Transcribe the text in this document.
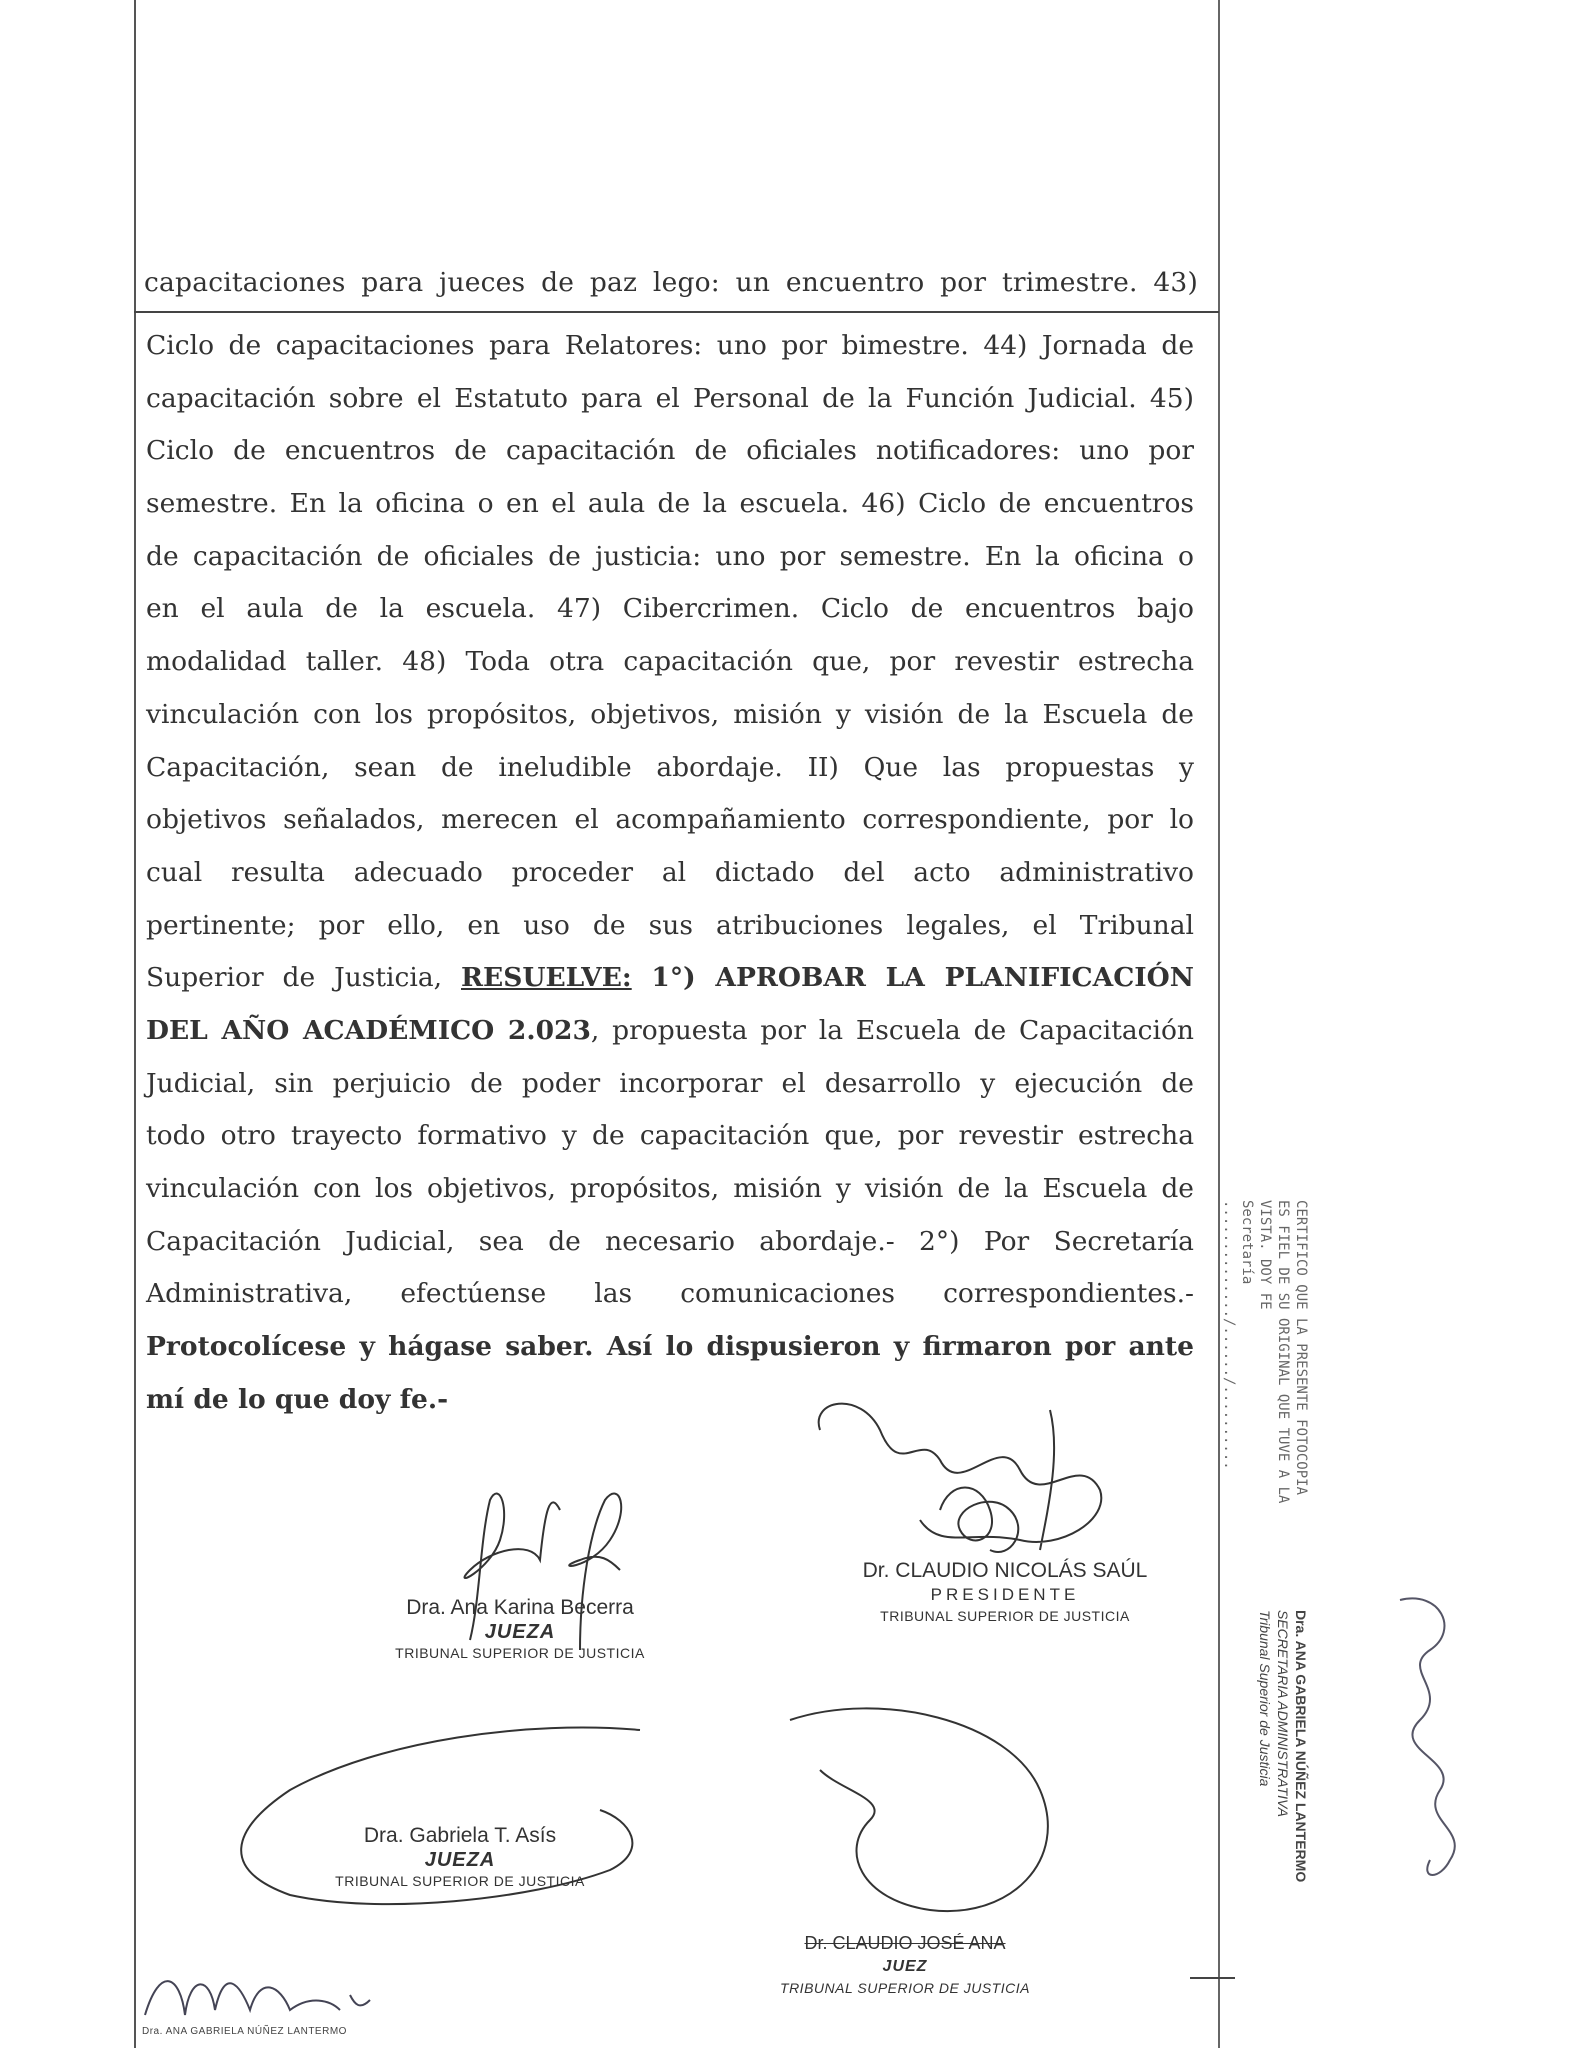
capacitaciones para jueces de paz lego: un encuentro por trimestre. 43)
Ciclo de capacitaciones para Relatores: uno por bimestre. 44) Jornada de
capacitación sobre el Estatuto para el Personal de la Función Judicial. 45)
Ciclo de encuentros de capacitación de oficiales notificadores: uno por
semestre. En la oficina o en el aula de la escuela. 46) Ciclo de encuentros
de capacitación de oficiales de justicia: uno por semestre. En la oficina o
en el aula de la escuela. 47) Cibercrimen. Ciclo de encuentros bajo
modalidad taller. 48) Toda otra capacitación que, por revestir estrecha
vinculación con los propósitos, objetivos, misión y visión de la Escuela de
Capacitación, sean de ineludible abordaje. II) Que las propuestas y
objetivos señalados, merecen el acompañamiento correspondiente, por lo
cual resulta adecuado proceder al dictado del acto administrativo
pertinente; por ello, en uso de sus atribuciones legales, el Tribunal
Superior de Justicia, RESUELVE: 1°) APROBAR LA PLANIFICACIÓN
DEL AÑO ACADÉMICO 2.023, propuesta por la Escuela de Capacitación
Judicial, sin perjuicio de poder incorporar el desarrollo y ejecución de
todo otro trayecto formativo y de capacitación que, por revestir estrecha
vinculación con los objetivos, propósitos, misión y visión de la Escuela de
Capacitación Judicial, sea de necesario abordaje.- 2°) Por Secretaría
Administrativa, efectúense las comunicaciones correspondientes.-
Protocolícese y hágase saber. Así lo dispusieron y firmaron por ante
mí de lo que doy fe.-
Dr. CLAUDIO NICOLÁS SAÚL
PRESIDENTE
TRIBUNAL SUPERIOR DE JUSTICIA
Dra. Ana Karina Becerra
JUEZA
TRIBUNAL SUPERIOR DE JUSTICIA
Dra. Gabriela T. Asís
JUEZA
TRIBUNAL SUPERIOR DE JUSTICIA
Dr. CLAUDIO JOSÉ ANA
JUEZ
TRIBUNAL SUPERIOR DE JUSTICIA
CERTIFICO QUE LA PRESENTE FOTOCOPIA
ES FIEL DE SU ORIGINAL QUE TUVE A LA
VISTA. DOY FE
Secretaría ............../....../..........
Dra. ANA GABRIELA NÚÑEZ LANTERMO
SECRETARIA ADMINISTRATIVA
Tribunal Superior de Justicia
Dra. ANA GABRIELA NÚÑEZ LANTERMO
